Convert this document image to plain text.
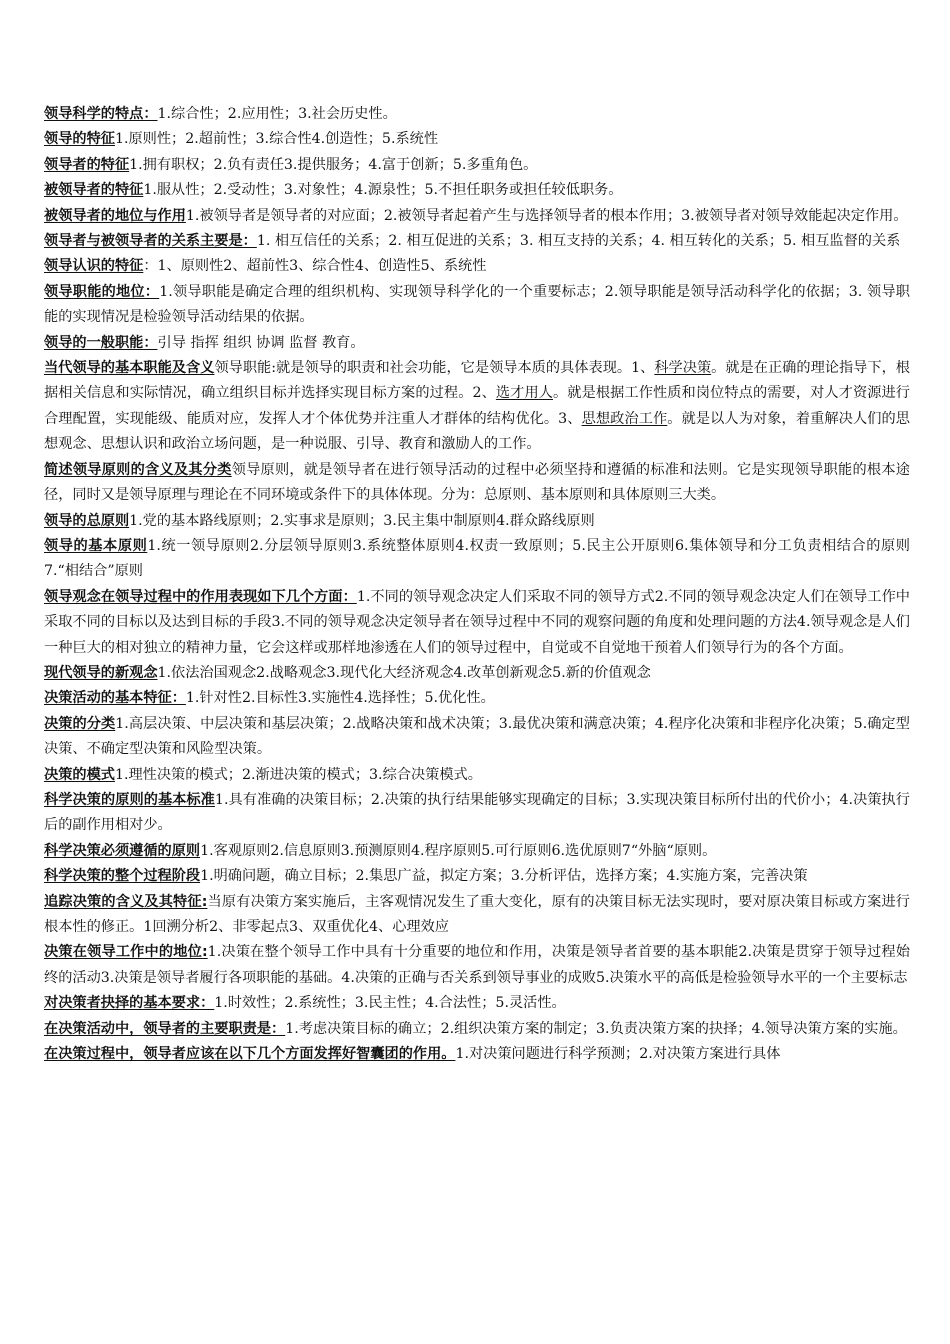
领导科学的特点：1.综合性；2.应用性；3.社会历史性。

领导的特征1.原则性；2.超前性；3.综合性4.创造性；5.系统性

领导者的特征1.拥有职权；2.负有责任3.提供服务；4.富于创新；5.多重角色。

被领导者的特征1.服从性；2.受动性；3.对象性；4.源泉性；5.不担任职务或担任较低职务。

被领导者的地位与作用1.被领导者是领导者的对应面；2.被领导者起着产生与选择领导者的根本作用；3.被领导者对领导效能起决定作用。

领导者与被领导者的关系主要是：1. 相互信任的关系；2. 相互促进的关系；3. 相互支持的关系；4. 相互转化的关系；5. 相互监督的关系

领导认识的特征：1、原则性2、超前性3、综合性4、创造性5、系统性

领导职能的地位：1.领导职能是确定合理的组织机构、实现领导科学化的一个重要标志；2.领导职能是领导活动科学化的依据；3. 领导职能的实现情况是检验领导活动结果的依据。

领导的一般职能：引导 指挥 组织 协调 监督 教育。

当代领导的基本职能及含义领导职能:就是领导的职责和社会功能，它是领导本质的具体表现。1、科学决策。就是在正确的理论指导下，根据相关信息和实际情况，确立组织目标并选择实现目标方案的过程。2、选才用人。就是根据工作性质和岗位特点的需要，对人才资源进行合理配置，实现能级、能质对应，发挥人才个体优势并注重人才群体的结构优化。3、思想政治工作。就是以人为对象，着重解决人们的思想观念、思想认识和政治立场问题，是一种说服、引导、教育和激励人的工作。

简述领导原则的含义及其分类领导原则，就是领导者在进行领导活动的过程中必须坚持和遵循的标准和法则。它是实现领导职能的根本途径，同时又是领导原理与理论在不同环境或条件下的具体体现。分为：总原则、基本原则和具体原则三大类。

领导的总原则1.党的基本路线原则；2.实事求是原则；3.民主集中制原则4.群众路线原则

领导的基本原则1.统一领导原则2.分层领导原则3.系统整体原则4.权责一致原则；5.民主公开原则6.集体领导和分工负责相结合的原则7.“相结合”原则

领导观念在领导过程中的作用表现如下几个方面：1.不同的领导观念决定人们采取不同的领导方式2.不同的领导观念决定人们在领导工作中采取不同的目标以及达到目标的手段3.不同的领导观念决定领导者在领导过程中不同的观察问题的角度和处理问题的方法4.领导观念是人们一种巨大的相对独立的精神力量，它会这样或那样地渗透在人们的领导过程中，自觉或不自觉地干预着人们领导行为的各个方面。

现代领导的新观念1.依法治国观念2.战略观念3.现代化大经济观念4.改革创新观念5.新的价值观念

决策活动的基本特征：1.针对性2.目标性3.实施性4.选择性；5.优化性。

决策的分类1.高层决策、中层决策和基层决策；2.战略决策和战术决策；3.最优决策和满意决策；4.程序化决策和非程序化决策；5.确定型决策、不确定型决策和风险型决策。

决策的模式1.理性决策的模式；2.渐进决策的模式；3.综合决策模式。

科学决策的原则的基本标准1.具有准确的决策目标；2.决策的执行结果能够实现确定的目标；3.实现决策目标所付出的代价小；4.决策执行后的副作用相对少。

科学决策必须遵循的原则1.客观原则2.信息原则3.预测原则4.程序原则5.可行原则6.选优原则7“外脑“原则。

科学决策的整个过程阶段1.明确问题，确立目标；2.集思广益，拟定方案；3.分析评估，选择方案；4.实施方案，完善决策

追踪决策的含义及其特征:当原有决策方案实施后，主客观情况发生了重大变化，原有的决策目标无法实现时，要对原决策目标或方案进行根本性的修正。1回溯分析2、非零起点3、双重优化4、心理效应

决策在领导工作中的地位:1.决策在整个领导工作中具有十分重要的地位和作用，决策是领导者首要的基本职能2.决策是贯穿于领导过程始终的活动3.决策是领导者履行各项职能的基础。4.决策的正确与否关系到领导事业的成败5.决策水平的高低是检验领导水平的一个主要标志

对决策者抉择的基本要求：1.时效性；2.系统性；3.民主性；4.合法性；5.灵活性。

在决策活动中，领导者的主要职责是：1.考虑决策目标的确立；2.组织决策方案的制定；3.负责决策方案的抉择；4.领导决策方案的实施。

在决策过程中，领导者应该在以下几个方面发挥好智囊团的作用。1.对决策问题进行科学预测；2.对决策方案进行具体
